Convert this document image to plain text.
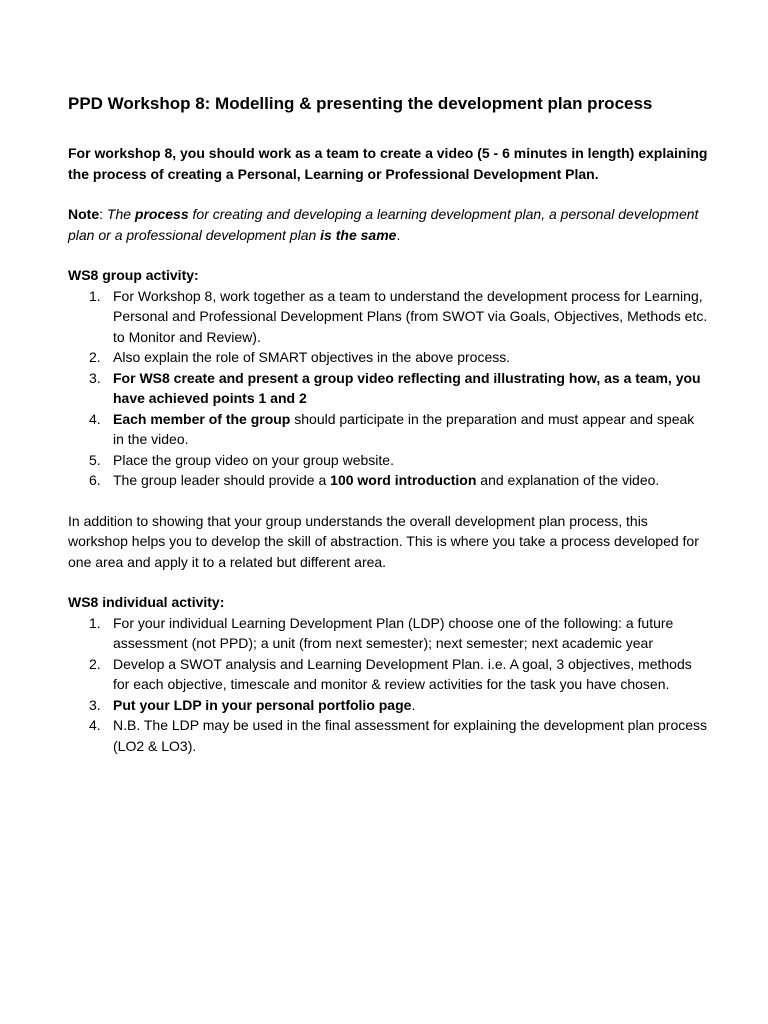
PPD Workshop 8: Modelling & presenting the development plan process

For workshop 8, you should work as a team to create a video (5 - 6 minutes in length) explaining the process of creating a Personal, Learning or Professional Development Plan.

Note: The process for creating and developing a learning development plan, a personal development plan or a professional development plan is the same.

WS8 group activity:

1. For Workshop 8, work together as a team to understand the development process for Learning, Personal and Professional Development Plans (from SWOT via Goals, Objectives, Methods etc. to Monitor and Review).
2. Also explain the role of SMART objectives in the above process.
3. For WS8 create and present a group video reflecting and illustrating how, as a team, you have achieved points 1 and 2
4. Each member of the group should participate in the preparation and must appear and speak in the video.
5. Place the group video on your group website.
6. The group leader should provide a 100 word introduction and explanation of the video.

In addition to showing that your group understands the overall development plan process, this workshop helps you to develop the skill of abstraction. This is where you take a process developed for one area and apply it to a related but different area.

WS8 individual activity:

1. For your individual Learning Development Plan (LDP) choose one of the following: a future assessment (not PPD); a unit (from next semester); next semester; next academic year
2. Develop a SWOT analysis and Learning Development Plan. i.e. A goal, 3 objectives, methods for each objective, timescale and monitor & review activities for the task you have chosen.
3. Put your LDP in your personal portfolio page.
4. N.B. The LDP may be used in the final assessment for explaining the development plan process (LO2 & LO3).
